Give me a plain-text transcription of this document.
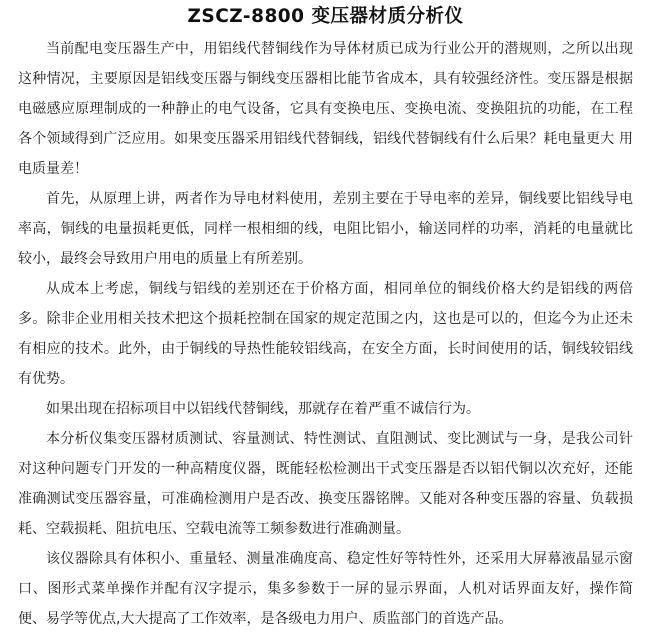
ZSCZ-8800 变压器材质分析仪

当前配电变压器生产中，用铝线代替铜线作为导体材质已成为行业公开的潜规则，之所以出现这种情况，主要原因是铝线变压器与铜线变压器相比能节省成本，具有较强经济性。变压器是根据电磁感应原理制成的一种静止的电气设备，它具有变换电压、变换电流、变换阻抗的功能，在工程各个领域得到广泛应用。如果变压器采用铝线代替铜线，铝线代替铜线有什么后果？耗电量更大 用电质量差！

首先，从原理上讲，两者作为导电材料使用，差别主要在于导电率的差异，铜线要比铝线导电率高，铜线的电量损耗更低，同样一根相细的线，电阻比铝小，输送同样的功率，消耗的电量就比较小，最终会导致用户用电的质量上有所差别。

从成本上考虑，铜线与铝线的差别还在于价格方面，相同单位的铜线价格大约是铝线的两倍多。除非企业用相关技术把这个损耗控制在国家的规定范围之内，这也是可以的，但迄今为止还未有相应的技术。此外，由于铜线的导热性能较铝线高，在安全方面，长时间使用的话，铜线较铝线有优势。

如果出现在招标项目中以铝线代替铜线，那就存在着严重不诚信行为。

本分析仪集变压器材质测试、容量测试、特性测试、直阻测试、变比测试与一身，是我公司针对这种问题专门开发的一种高精度仪器，既能轻松检测出干式变压器是否以铝代铜以次充好，还能准确测试变压器容量，可准确检测用户是否改、换变压器铭牌。又能对各种变压器的容量、负载损耗、空载损耗、阻抗电压、空载电流等工频参数进行准确测量。

该仪器除具有体积小、重量轻、测量准确度高、稳定性好等特性外，还采用大屏幕液晶显示窗口、图形式菜单操作并配有汉字提示，集多参数于一屏的显示界面，人机对话界面友好，操作简便、易学等优点,大大提高了工作效率，是各级电力用户、质监部门的首选产品。
